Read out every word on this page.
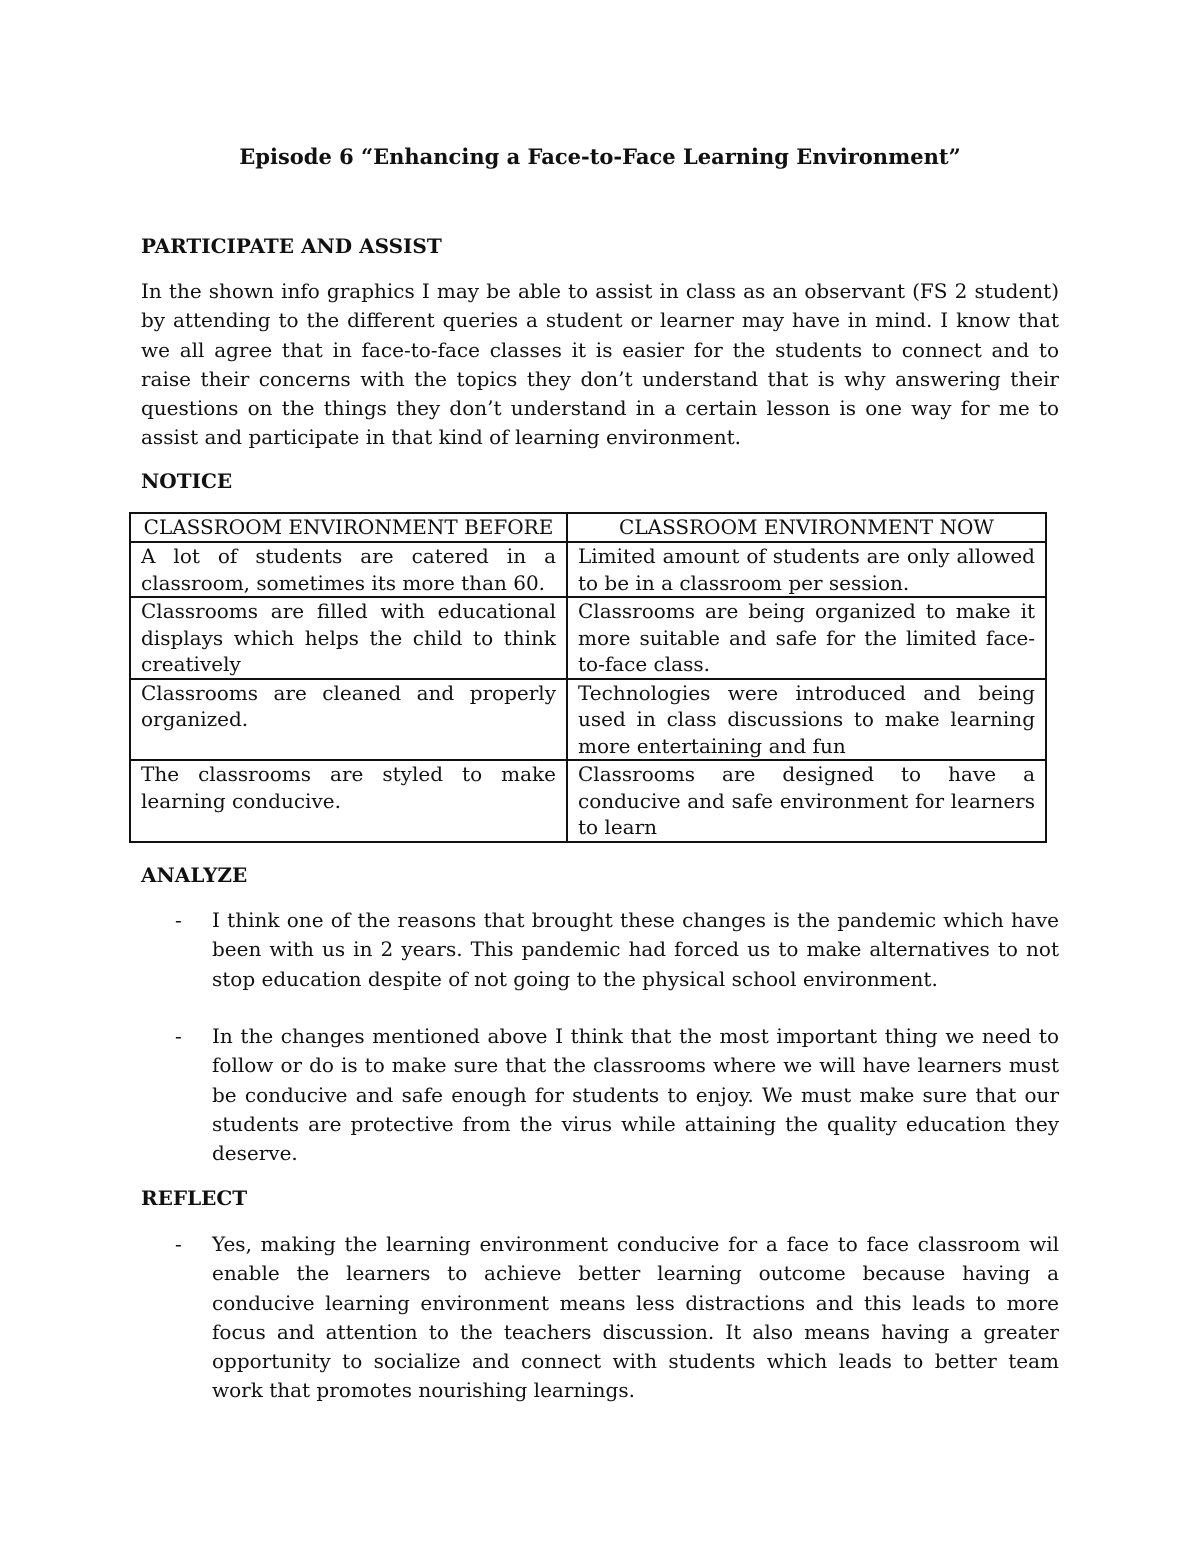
Episode 6 “Enhancing a Face-to-Face Learning Environment”
PARTICIPATE AND ASSIST
In the shown info graphics I may be able to assist in class as an observant (FS 2 student) by attending to the different queries a student or learner may have in mind. I know that we all agree that in face-to-face classes it is easier for the students to connect and to raise their concerns with the topics they don’t understand that is why answering their questions on the things they don’t understand in a certain lesson is one way for me to assist and participate in that kind of learning environment.
NOTICE
CLASSROOM ENVIRONMENT BEFORE	CLASSROOM ENVIRONMENT NOW
A lot of students are catered in a classroom, sometimes its more than 60.	Limited amount of students are only allowed to be in a classroom per session.
Classrooms are filled with educational displays which helps the child to think creatively	Classrooms are being organized to make it more suitable and safe for the limited face-to-face class.
Classrooms are cleaned and properly organized.	Technologies were introduced and being used in class discussions to make learning more entertaining and fun
The classrooms are styled to make learning conducive.	Classrooms are designed to have a conducive and safe environment for learners to learn
ANALYZE
- I think one of the reasons that brought these changes is the pandemic which have been with us in 2 years. This pandemic had forced us to make alternatives to not stop education despite of not going to the physical school environment.
- In the changes mentioned above I think that the most important thing we need to follow or do is to make sure that the classrooms where we will have learners must be conducive and safe enough for students to enjoy. We must make sure that our students are protective from the virus while attaining the quality education they deserve.
REFLECT
- Yes, making the learning environment conducive for a face to face classroom wil enable the learners to achieve better learning outcome because having a conducive learning environment means less distractions and this leads to more focus and attention to the teachers discussion. It also means having a greater opportunity to socialize and connect with students which leads to better team work that promotes nourishing learnings.
